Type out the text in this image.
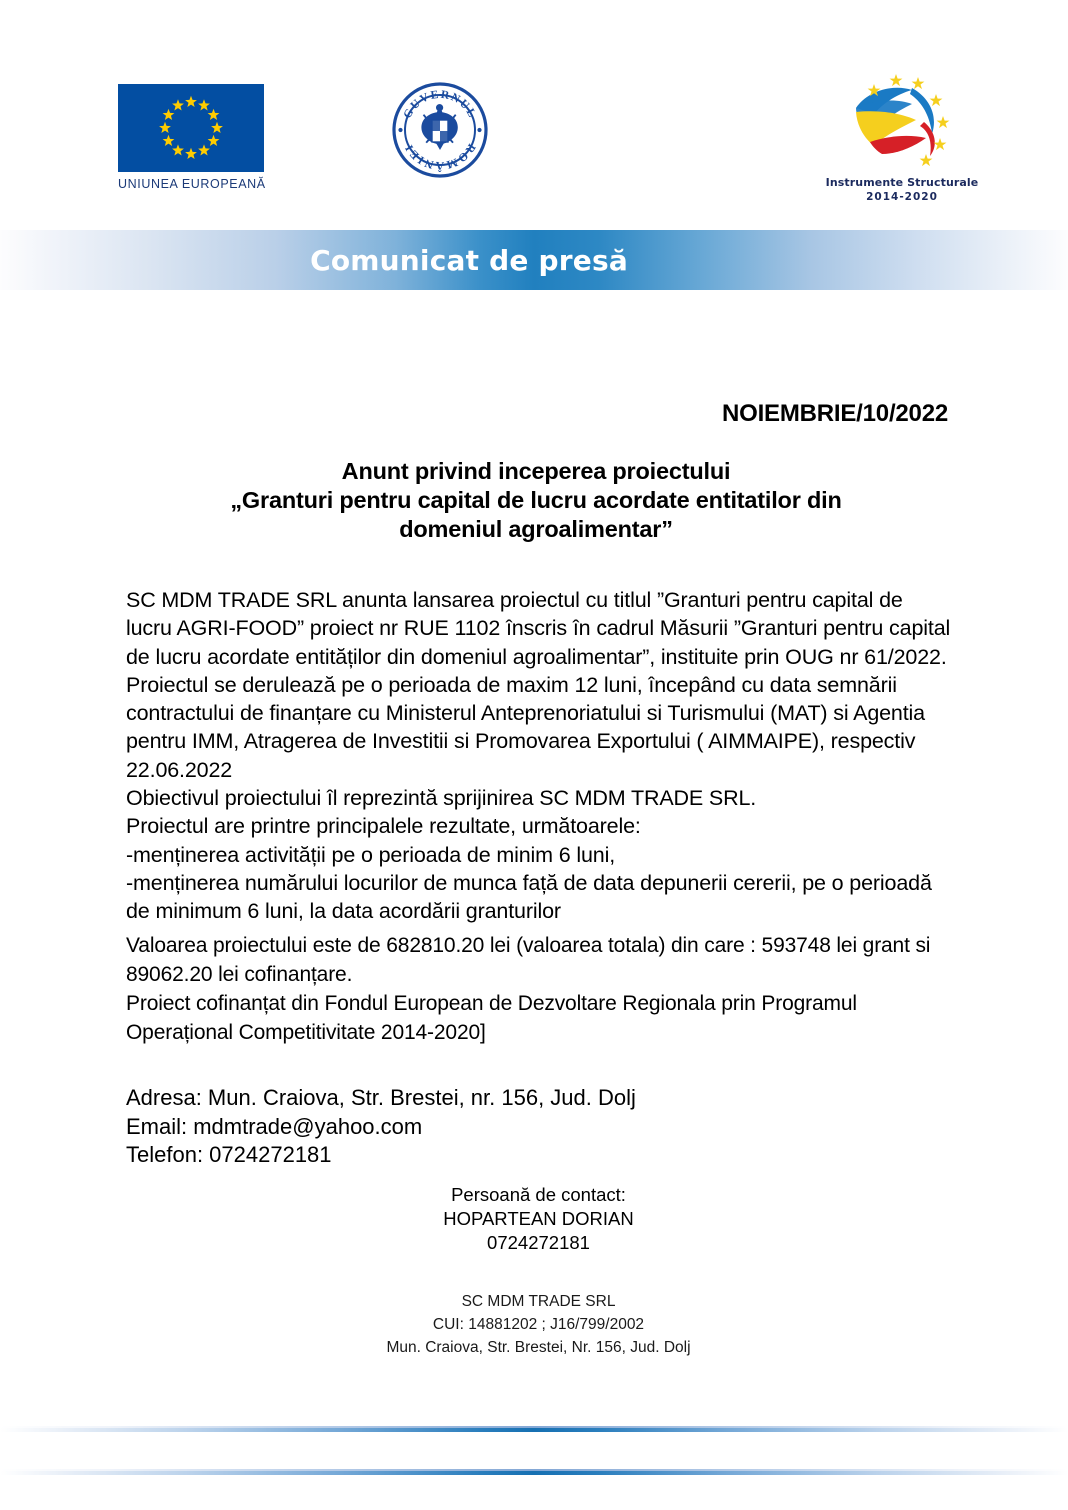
UNIUNEA EUROPEANĂ
GUVERNUL
ROMÂNIEI
Instrumente Structurale
2014-2020
Comunicat de presă
NOIEMBRIE/10/2022
Anunt privind inceperea proiectului
„Granturi pentru capital de lucru acordate entitatilor din
domeniul agroalimentar”
SC MDM TRADE SRL anunta lansarea proiectul cu titlul ”Granturi pentru capital de lucru AGRI-FOOD” proiect nr RUE 1102 înscris în cadrul Măsurii ”Granturi pentru capital de lucru acordate entităților din domeniul agroalimentar”, instituite prin OUG nr 61/2022.
Proiectul se derulează pe o perioada de maxim 12 luni, începând cu data semnării contractului de finanțare cu Ministerul Anteprenoriatului si Turismului (MAT) si Agentia pentru IMM, Atragerea de Investitii si Promovarea Exportului ( AIMMAIPE), respectiv 22.06.2022
Obiectivul proiectului îl reprezintă sprijinirea SC MDM TRADE SRL.
Proiectul are printre principalele rezultate, următoarele:
-menținerea activității pe o perioada de minim 6 luni,
-menținerea numărului locurilor de munca față de data depunerii cererii, pe o perioadă de minimum 6 luni, la data acordării granturilor
Valoarea proiectului este de 682810.20 lei (valoarea totala) din care : 593748 lei grant si 89062.20 lei cofinanțare.
Proiect cofinanțat din Fondul European de Dezvoltare Regionala prin Programul Operațional Competitivitate 2014-2020]
Adresa: Mun. Craiova, Str. Brestei, nr. 156, Jud. Dolj
Email: mdmtrade@yahoo.com
Telefon: 0724272181
Persoană de contact:
HOPARTEAN DORIAN
0724272181
SC MDM TRADE SRL
CUI: 14881202 ; J16/799/2002
Mun. Craiova, Str. Brestei, Nr. 156, Jud. Dolj
